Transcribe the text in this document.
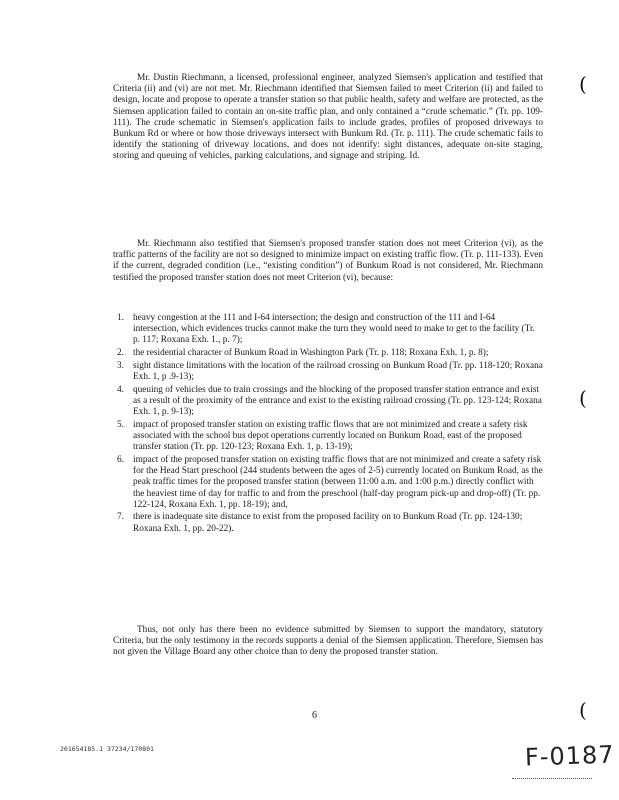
Mr. Dustin Riechmann, a licensed, professional engineer, analyzed Siemsen's application and testified that Criteria (ii) and (vi) are not met. Mr. Riechmann identified that Siemsen failed to meet Criterion (ii) and failed to design, locate and propose to operate a transfer station so that public health, safety and welfare are protected, as the Siemsen application failed to contain an on-site traffic plan, and only contained a “crude schematic.” (Tr. pp. 109-111). The crude schematic in Siemsen's application fails to include grades, profiles of proposed driveways to Bunkum Rd or where or how those driveways intersect with Bunkum Rd. (Tr. p. 111). The crude schematic fails to identify the stationing of driveway locations, and does not identify: sight distances, adequate on-site staging, storing and queuing of vehicles, parking calculations, and signage and striping. Id.

Mr. Riechmann also testified that Siemsen's proposed transfer station does not meet Criterion (vi), as the traffic patterns of the facility are not so designed to minimize impact on existing traffic flow. (Tr. p. 111-133). Even if the current, degraded condition (i.e., “existing condition”) of Bunkum Road is not considered, Mr. Riechmann testified the proposed transfer station does not meet Criterion (vi), because:

1. heavy congestion at the 111 and I-64 intersection; the design and construction of the 111 and I-64 intersection, which evidences trucks cannot make the turn they would need to make to get to the facility (Tr. p. 117; Roxana Exh. 1., p. 7);
2. the residential character of Bunkum Road in Washington Park (Tr. p. 118; Roxana Exh. 1, p. 8);
3. sight distance limitations with the location of the railroad crossing on Bunkum Road (Tr. pp. 118-120; Roxana Exh. 1, p .9-13);
4. queuing of vehicles due to train crossings and the blocking of the proposed transfer station entrance and exist as a result of the proximity of the entrance and exist to the existing railroad crossing (Tr. pp. 123-124; Roxana Exh. 1, p. 9-13);
5. impact of proposed transfer station on existing traffic flows that are not minimized and create a safety risk associated with the school bus depot operations currently located on Bunkum Road, east of the proposed transfer station (Tr. pp. 120-123; Roxana Exh. 1, p. 13-19);
6. impact of the proposed transfer station on existing traffic flows that are not minimized and create a safety risk for the Head Start preschool (244 students between the ages of 2-5) currently located on Bunkum Road, as the peak traffic times for the proposed transfer station (between 11:00 a.m. and 1:00 p.m.) directly conflict with the heaviest time of day for traffic to and from the preschool (half-day program pick-up and drop-off) (Tr. pp. 122-124, Roxana Exh. 1, pp. 18-19); and,
7. there is inadequate site distance to exist from the proposed facility on to Bunkum Road (Tr. pp. 124-130; Roxana Exh. 1, pp. 20-22).

Thus, not only has there been no evidence submitted by Siemsen to support the mandatory, statutory Criteria, but the only testimony in the records supports a denial of the Siemsen application. Therefore, Siemsen has not given the Village Board any other choice than to deny the proposed transfer station.

6
201654185.1 37234/170801	F-0187
(
(
(
